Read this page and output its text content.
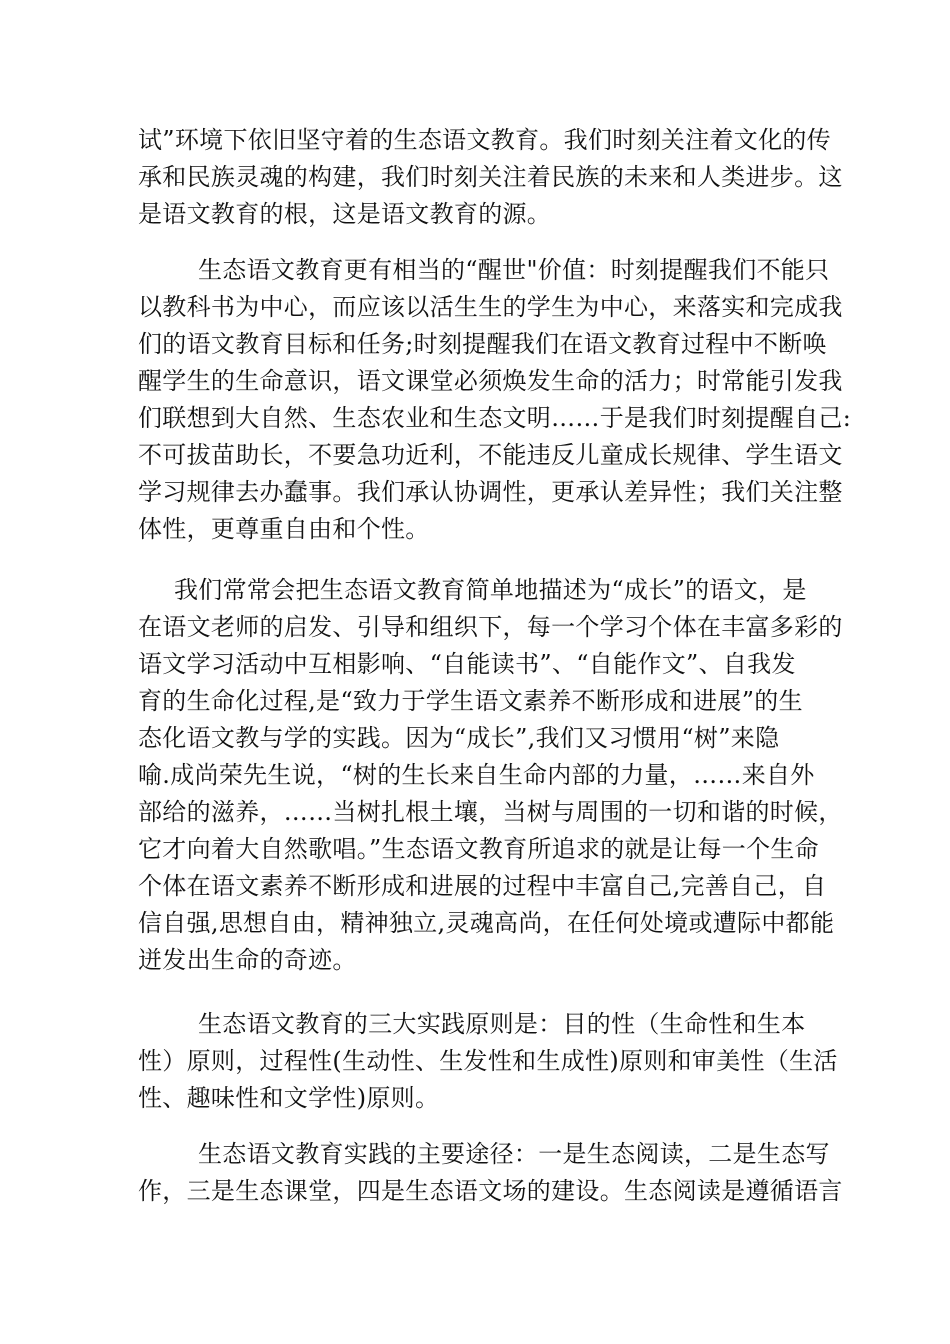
试”环境下依旧坚守着的生态语文教育。我们时刻关注着文化的传
承和民族灵魂的构建，我们时刻关注着民族的未来和人类进步。这
是语文教育的根，这是语文教育的源。
生态语文教育更有相当的“醒世"价值：时刻提醒我们不能只
以教科书为中心，而应该以活生生的学生为中心，来落实和完成我
们的语文教育目标和任务;时刻提醒我们在语文教育过程中不断唤
醒学生的生命意识，语文课堂必须焕发生命的活力；时常能引发我
们联想到大自然、生态农业和生态文明……于是我们时刻提醒自己:
不可拔苗助长，不要急功近利，不能违反儿童成长规律、学生语文
学习规律去办蠢事。我们承认协调性，更承认差异性；我们关注整
体性，更尊重自由和个性。
我们常常会把生态语文教育简单地描述为“成长”的语文，是
在语文老师的启发、引导和组织下，每一个学习个体在丰富多彩的
语文学习活动中互相影响、“自能读书”、“自能作文”、自我发
育的生命化过程,是“致力于学生语文素养不断形成和进展”的生
态化语文教与学的实践。因为“成长”,我们又习惯用“树”来隐
喻.成尚荣先生说，“树的生长来自生命内部的力量，……来自外
部给的滋养，……当树扎根土壤，当树与周围的一切和谐的时候，
它才向着大自然歌唱。”生态语文教育所追求的就是让每一个生命
个体在语文素养不断形成和进展的过程中丰富自己,完善自己，自
信自强,思想自由，精神独立,灵魂高尚，在任何处境或遭际中都能
迸发出生命的奇迹。
生态语文教育的三大实践原则是：目的性（生命性和生本
性）原则，过程性(生动性、生发性和生成性)原则和审美性（生活
性、趣味性和文学性)原则。
生态语文教育实践的主要途径：一是生态阅读，二是生态写
作，三是生态课堂，四是生态语文场的建设。生态阅读是遵循语言
